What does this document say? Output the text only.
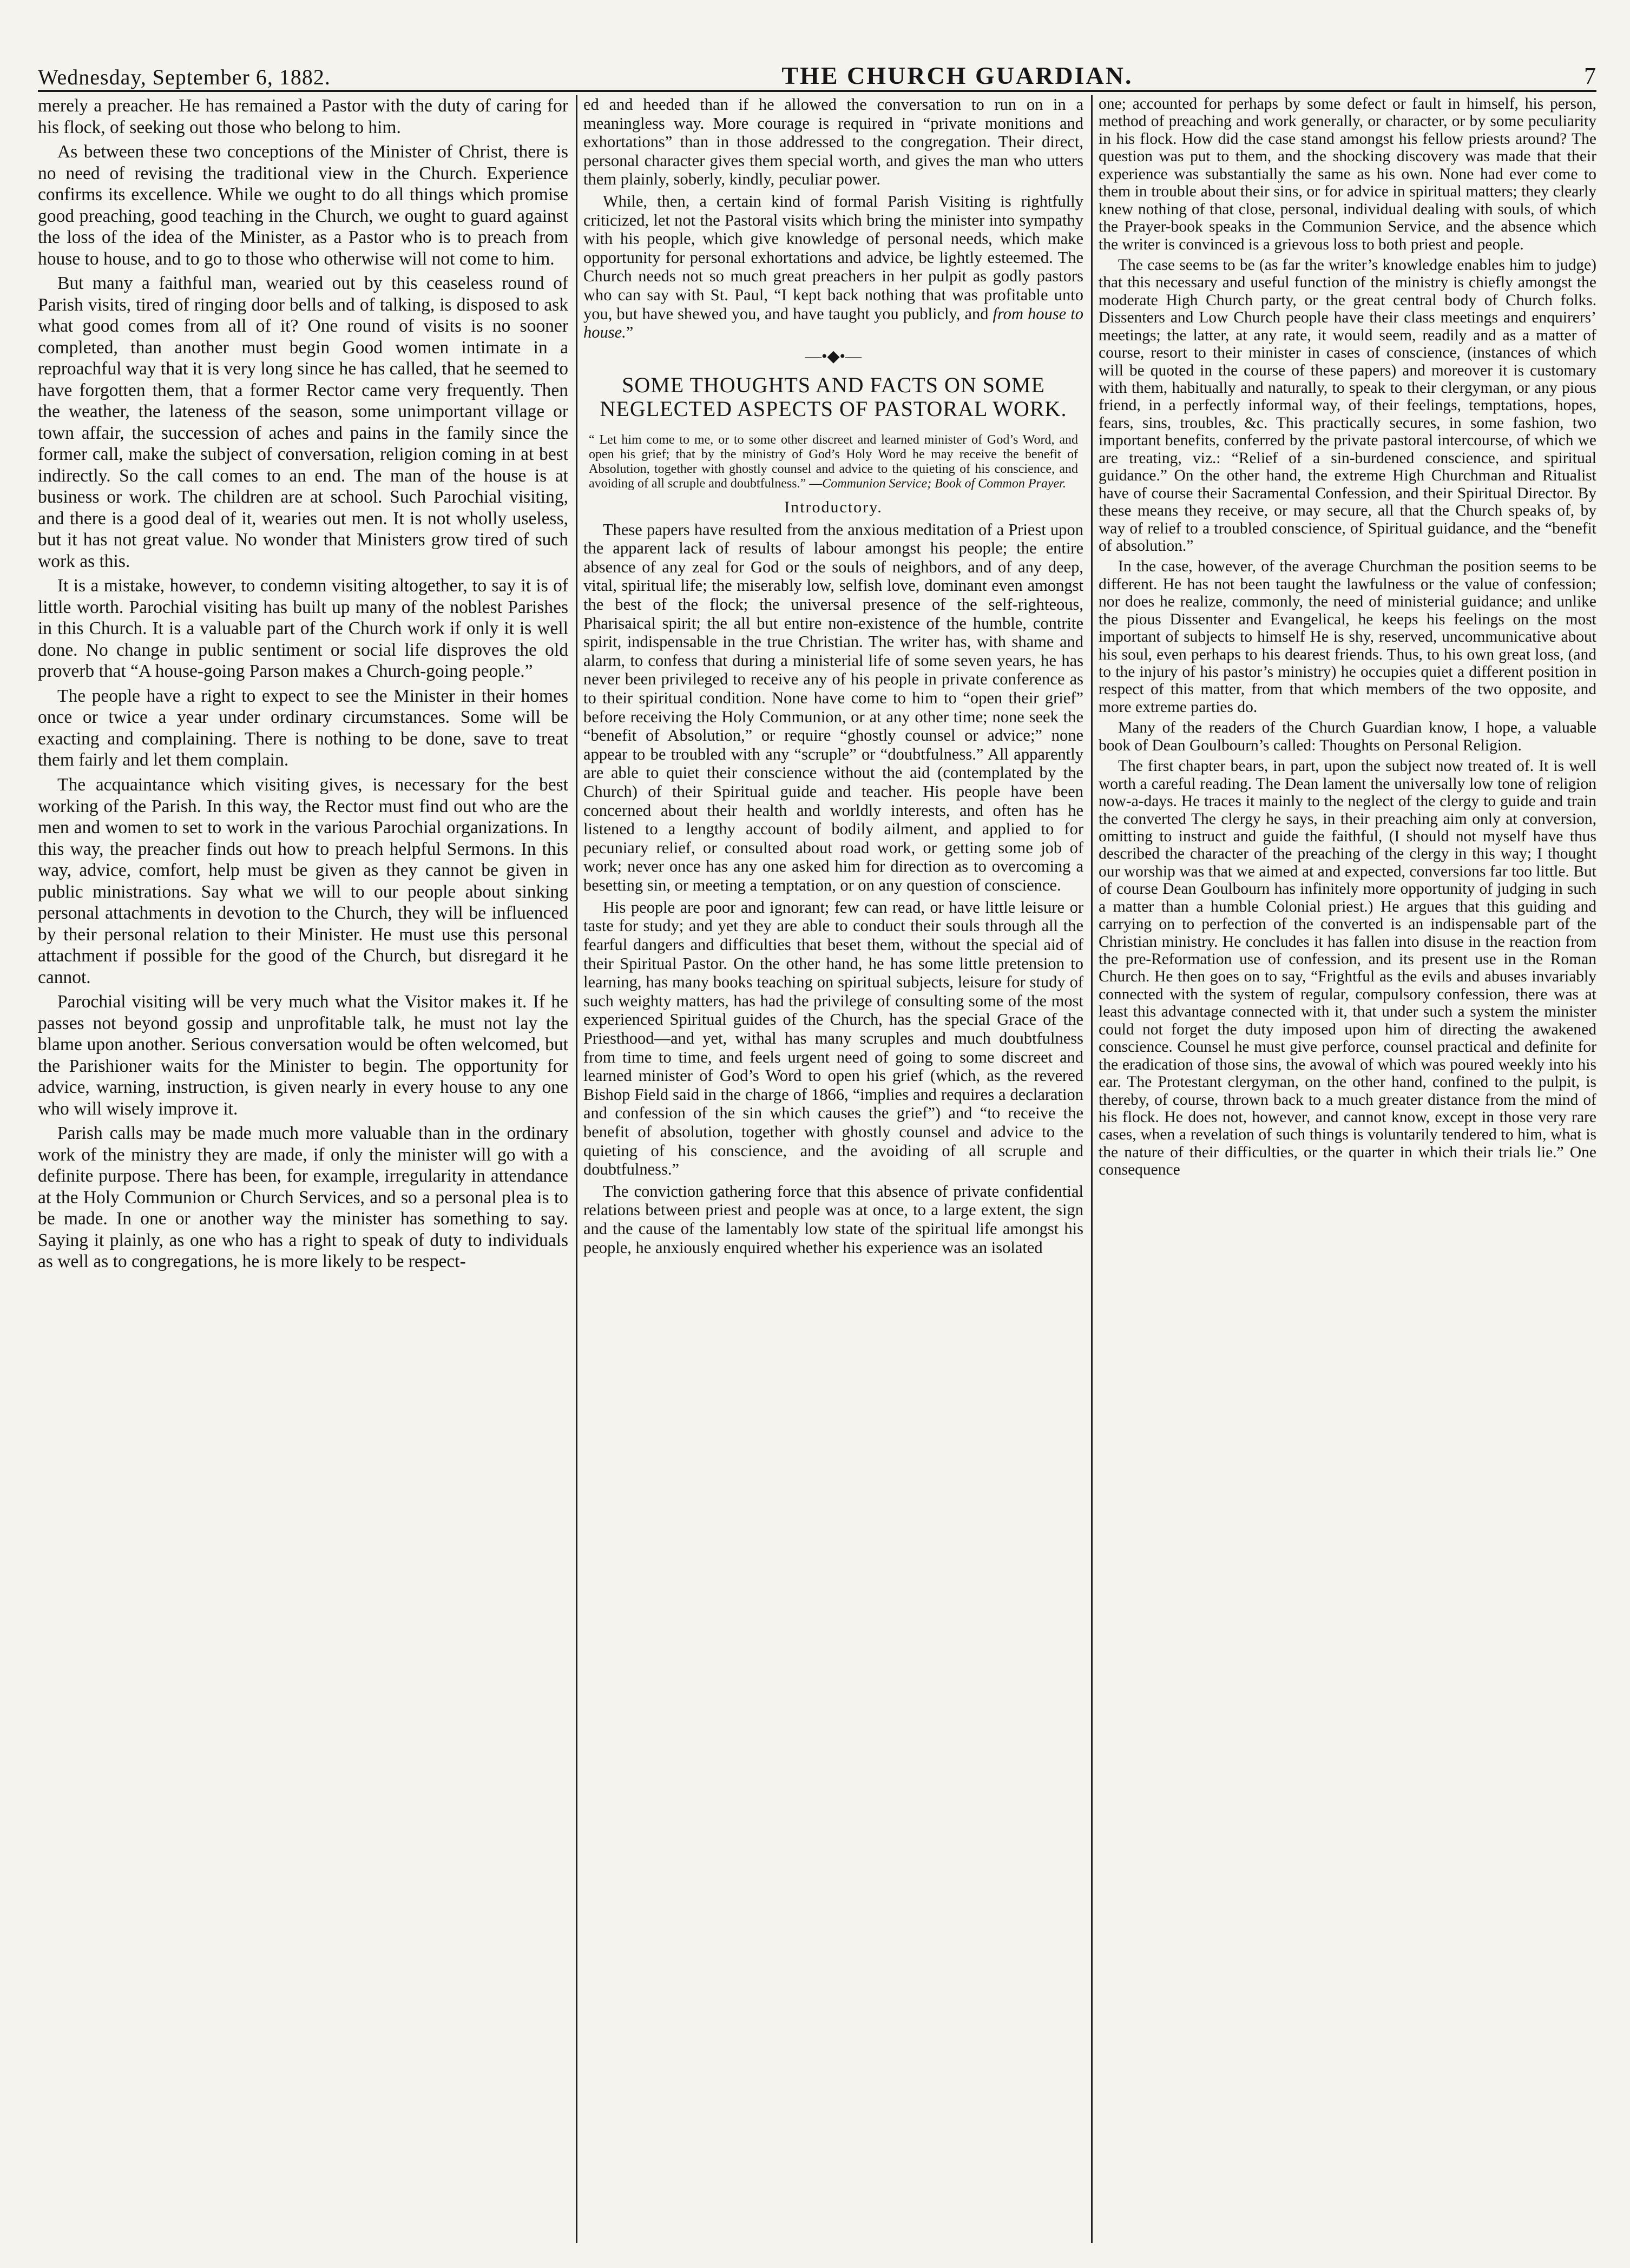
Wednesday, September 6, 1882.	THE CHURCH GUARDIAN.	7

merely a preacher. He has remained a Pastor with the duty of caring for his flock, of seeking out those who belong to him.

As between these two conceptions of the Minister of Christ, there is no need of revising the traditional view in the Church. Experience confirms its excellence. While we ought to do all things which promise good preaching, good teaching in the Church, we ought to guard against the loss of the idea of the Minister, as a Pastor who is to preach from house to house, and to go to those who otherwise will not come to him.

But many a faithful man, wearied out by this ceaseless round of Parish visits, tired of ringing door bells and of talking, is disposed to ask what good comes from all of it? One round of visits is no sooner completed, than another must begin Good women intimate in a reproachful way that it is very long since he has called, that he seemed to have forgotten them, that a former Rector came very frequently. Then the weather, the lateness of the season, some unimportant village or town affair, the succession of aches and pains in the family since the former call, make the subject of conversation, religion coming in at best indirectly. So the call comes to an end. The man of the house is at business or work. The children are at school. Such Parochial visiting, and there is a good deal of it, wearies out men. It is not wholly useless, but it has not great value. No wonder that Ministers grow tired of such work as this.

It is a mistake, however, to condemn visiting altogether, to say it is of little worth. Parochial visiting has built up many of the noblest Parishes in this Church. It is a valuable part of the Church work if only it is well done. No change in public sentiment or social life disproves the old proverb that “A house-going Parson makes a Church-going people.”

The people have a right to expect to see the Minister in their homes once or twice a year under ordinary circumstances. Some will be exacting and complaining. There is nothing to be done, save to treat them fairly and let them complain.

The acquaintance which visiting gives, is necessary for the best working of the Parish. In this way, the Rector must find out who are the men and women to set to work in the various Parochial organizations. In this way, the preacher finds out how to preach helpful Sermons. In this way, advice, comfort, help must be given as they cannot be given in public ministrations. Say what we will to our people about sinking personal attachments in devotion to the Church, they will be influenced by their personal relation to their Minister. He must use this personal attachment if possible for the good of the Church, but disregard it he cannot.

Parochial visiting will be very much what the Visitor makes it. If he passes not beyond gossip and unprofitable talk, he must not lay the blame upon another. Serious conversation would be often welcomed, but the Parishioner waits for the Minister to begin. The opportunity for advice, warning, instruction, is given nearly in every house to any one who will wisely improve it.

Parish calls may be made much more valuable than in the ordinary work of the ministry they are made, if only the minister will go with a definite purpose. There has been, for example, irregularity in attendance at the Holy Communion or Church Services, and so a personal plea is to be made. In one or another way the minister has something to say. Saying it plainly, as one who has a right to speak of duty to individuals as well as to congregations, he is more likely to be respect-

ed and heeded than if he allowed the conversation to run on in a meaningless way. More courage is required in “private monitions and exhortations” than in those addressed to the congregation. Their direct, personal character gives them special worth, and gives the man who utters them plainly, soberly, kindly, peculiar power.

While, then, a certain kind of formal Parish Visiting is rightfully criticized, let not the Pastoral visits which bring the minister into sympathy with his people, which give knowledge of personal needs, which make opportunity for personal exhortations and advice, be lightly esteemed. The Church needs not so much great preachers in her pulpit as godly pastors who can say with St. Paul, “I kept back nothing that was profitable unto you, but have shewed you, and have taught you publicly, and from house to house.”

—•◆•—
SOME THOUGHTS AND FACTS ON SOME NEGLECTED ASPECTS OF PASTORAL WORK.
“ Let him come to me, or to some other discreet and learned minister of God’s Word, and open his grief; that by the ministry of God’s Holy Word he may receive the benefit of Absolution, together with ghostly counsel and advice to the quieting of his conscience, and avoiding of all scruple and doubtfulness.” —Communion Service; Book of Common Prayer.
Introductory.

These papers have resulted from the anxious meditation of a Priest upon the apparent lack of results of labour amongst his people; the entire absence of any zeal for God or the souls of neighbors, and of any deep, vital, spiritual life; the miserably low, selfish love, dominant even amongst the best of the flock; the universal presence of the self-righteous, Pharisaical spirit; the all but entire non-existence of the humble, contrite spirit, indispensable in the true Christian. The writer has, with shame and alarm, to confess that during a ministerial life of some seven years, he has never been privileged to receive any of his people in private conference as to their spiritual condition. None have come to him to “open their grief” before receiving the Holy Communion, or at any other time; none seek the “benefit of Absolution,” or require “ghostly counsel or advice;” none appear to be troubled with any “scruple” or “doubtfulness.” All apparently are able to quiet their conscience without the aid (contemplated by the Church) of their Spiritual guide and teacher. His people have been concerned about their health and worldly interests, and often has he listened to a lengthy account of bodily ailment, and applied to for pecuniary relief, or consulted about road work, or getting some job of work; never once has any one asked him for direction as to overcoming a besetting sin, or meeting a temptation, or on any question of conscience.

His people are poor and ignorant; few can read, or have little leisure or taste for study; and yet they are able to conduct their souls through all the fearful dangers and difficulties that beset them, without the special aid of their Spiritual Pastor. On the other hand, he has some little pretension to learning, has many books teaching on spiritual subjects, leisure for study of such weighty matters, has had the privilege of consulting some of the most experienced Spiritual guides of the Church, has the special Grace of the Priesthood—and yet, withal has many scruples and much doubtfulness from time to time, and feels urgent need of going to some discreet and learned minister of God’s Word to open his grief (which, as the revered Bishop Field said in the charge of 1866, “implies and requires a declaration and confession of the sin which causes the grief”) and “to receive the benefit of absolution, together with ghostly counsel and advice to the quieting of his conscience, and the avoiding of all scruple and doubtfulness.”

The conviction gathering force that this absence of private confidential relations between priest and people was at once, to a large extent, the sign and the cause of the lamentably low state of the spiritual life amongst his people, he anxiously enquired whether his experience was an isolated

one; accounted for perhaps by some defect or fault in himself, his person, method of preaching and work generally, or character, or by some peculiarity in his flock. How did the case stand amongst his fellow priests around? The question was put to them, and the shocking discovery was made that their experience was substantially the same as his own. None had ever come to them in trouble about their sins, or for advice in spiritual matters; they clearly knew nothing of that close, personal, individual dealing with souls, of which the Prayer-book speaks in the Communion Service, and the absence which the writer is convinced is a grievous loss to both priest and people.

The case seems to be (as far the writer’s knowledge enables him to judge) that this necessary and useful function of the ministry is chiefly amongst the moderate High Church party, or the great central body of Church folks. Dissenters and Low Church people have their class meetings and enquirers’ meetings; the latter, at any rate, it would seem, readily and as a matter of course, resort to their minister in cases of conscience, (instances of which will be quoted in the course of these papers) and moreover it is customary with them, habitually and naturally, to speak to their clergyman, or any pious friend, in a perfectly informal way, of their feelings, temptations, hopes, fears, sins, troubles, &c. This practically secures, in some fashion, two important benefits, conferred by the private pastoral intercourse, of which we are treating, viz.: “Relief of a sin-burdened conscience, and spiritual guidance.” On the other hand, the extreme High Churchman and Ritualist have of course their Sacramental Confession, and their Spiritual Director. By these means they receive, or may secure, all that the Church speaks of, by way of relief to a troubled conscience, of Spiritual guidance, and the “benefit of absolution.”

In the case, however, of the average Churchman the position seems to be different. He has not been taught the lawfulness or the value of confession; nor does he realize, commonly, the need of ministerial guidance; and unlike the pious Dissenter and Evangelical, he keeps his feelings on the most important of subjects to himself He is shy, reserved, uncommunicative about his soul, even perhaps to his dearest friends. Thus, to his own great loss, (and to the injury of his pastor’s ministry) he occupies quiet a different position in respect of this matter, from that which members of the two opposite, and more extreme parties do.

Many of the readers of the Church Guardian know, I hope, a valuable book of Dean Goulbourn’s called: Thoughts on Personal Religion.

The first chapter bears, in part, upon the subject now treated of. It is well worth a careful reading. The Dean lament the universally low tone of religion now-a-days. He traces it mainly to the neglect of the clergy to guide and train the converted The clergy he says, in their preaching aim only at conversion, omitting to instruct and guide the faithful, (I should not myself have thus described the character of the preaching of the clergy in this way; I thought our worship was that we aimed at and expected, conversions far too little. But of course Dean Goulbourn has infinitely more opportunity of judging in such a matter than a humble Colonial priest.) He argues that this guiding and carrying on to perfection of the converted is an indispensable part of the Christian ministry. He concludes it has fallen into disuse in the reaction from the pre-Reformation use of confession, and its present use in the Roman Church. He then goes on to say, “Frightful as the evils and abuses invariably connected with the system of regular, compulsory confession, there was at least this advantage connected with it, that under such a system the minister could not forget the duty imposed upon him of directing the awakened conscience. Counsel he must give perforce, counsel practical and definite for the eradication of those sins, the avowal of which was poured weekly into his ear. The Protestant clergyman, on the other hand, confined to the pulpit, is thereby, of course, thrown back to a much greater distance from the mind of his flock. He does not, however, and cannot know, except in those very rare cases, when a revelation of such things is voluntarily tendered to him, what is the nature of their difficulties, or the quarter in which their trials lie.” One consequence
